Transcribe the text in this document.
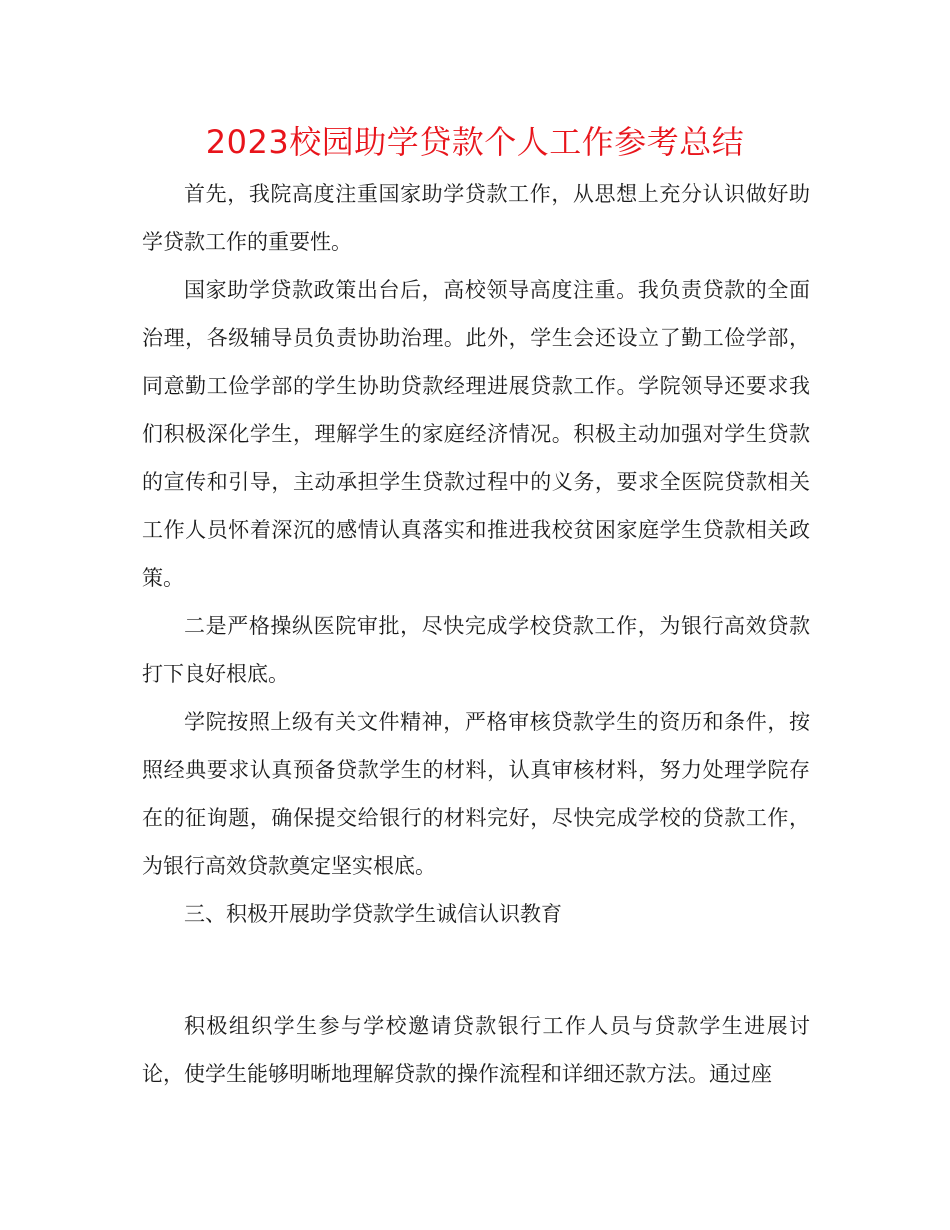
2023校园助学贷款个人工作参考总结

首先，我院高度注重国家助学贷款工作，从思想上充分认识做好助学贷款工作的重要性。

国家助学贷款政策出台后，高校领导高度注重。我负责贷款的全面治理，各级辅导员负责协助治理。此外，学生会还设立了勤工俭学部，同意勤工俭学部的学生协助贷款经理进展贷款工作。学院领导还要求我们积极深化学生，理解学生的家庭经济情况。积极主动加强对学生贷款的宣传和引导，主动承担学生贷款过程中的义务，要求全医院贷款相关工作人员怀着深沉的感情认真落实和推进我校贫困家庭学生贷款相关政策。

二是严格操纵医院审批，尽快完成学校贷款工作，为银行高效贷款打下良好根底。

学院按照上级有关文件精神，严格审核贷款学生的资历和条件，按照经典要求认真预备贷款学生的材料，认真审核材料，努力处理学院存在的征询题，确保提交给银行的材料完好，尽快完成学校的贷款工作，为银行高效贷款奠定坚实根底。

三、积极开展助学贷款学生诚信认识教育

积极组织学生参与学校邀请贷款银行工作人员与贷款学生进展讨论，使学生能够明晰地理解贷款的操作流程和详细还款方法。通过座
